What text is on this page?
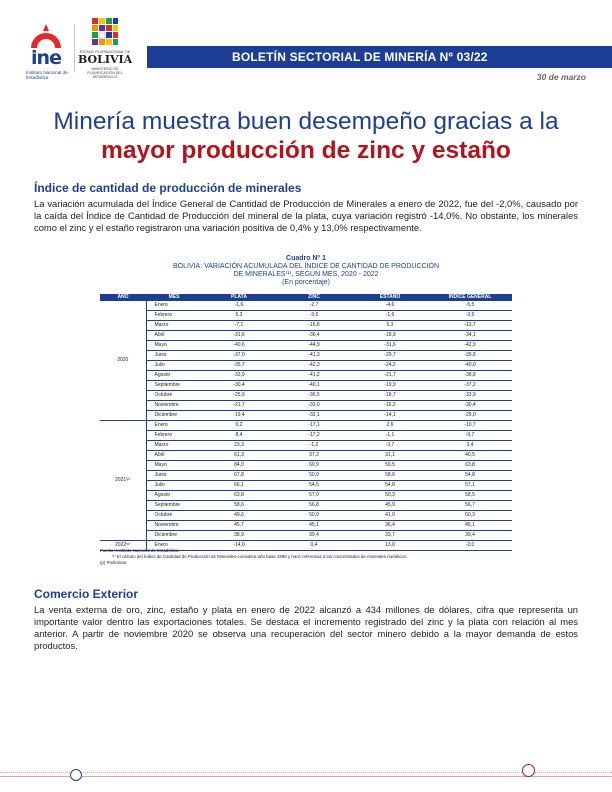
ine
Instituto Nacional de Estadística
ESTADO PLURINACIONAL DE
BOLIVIA
MINISTERIO DE PLANIFICACIÓN DEL DESARROLLO
BOLETÍN SECTORIAL DE MINERÍA Nº 03/22
30 de marzo
Minería muestra buen desempeño gracias a la
mayor producción de zinc y estaño
Índice de cantidad de producción de minerales
La variación acumulada del Índice General de Cantidad de Producción de Minerales a enero de 2022, fue del -2,0%, causado por la caída del Índice de Cantidad de Producción del mineral de la plata, cuya variación registró -14,0%. No obstante, los minerales como el zinc y el estaño registraron una variación positiva de 0,4% y 13,0% respectivamente.
Cuadro Nº 1
BOLIVIA: VARIACIÓN ACUMULADA DEL ÍNDICE DE CANTIDAD DE PRODUCCIÓN
DE MINERALES⁽¹⁾, SEGÚN MES, 2020 - 2022
(En porcentaje)
AÑO	MES	PLATA	ZINC	ESTAÑO	ÍNDICE GENERAL
2020	Enero	-1,6	-2,7	-4,6	-5,5
	Febrero	5,3	-3,6	-1,6	-3,5
	Marzo	-7,1	-16,8	5,3	-13,7
	Abril	-31,6	-36,4	-18,9	-34,1
	Mayo	-40,6	-44,9	-31,6	-42,9
	Junio	-37,0	-41,3	-29,7	-39,8
	Julio	-35,7	-42,3	-24,2	-40,0
	Agosto	-33,9	-41,2	-21,7	-38,8
	Septiembre	-30,4	-40,1	-19,9	-37,2
	Octubre	-25,9	-36,5	-18,7	-33,9
	Noviembre	-21,7	-33,0	-16,2	-30,4
	Diciembre	-19,4	-32,1	-14,1	-29,0
2021⁽ᵖ⁾	Enero	0,2	-17,1	2,6	-10,7
	Febrero	8,4	-17,2	-1,1	-9,7
	Marzo	23,3	-1,2	-3,7	3,4
	Abril	61,3	37,2	31,1	40,5
	Mayo	84,0	60,9	59,5	63,8
	Junio	67,8	50,9	58,6	54,8
	Julio	66,1	54,5	54,8	57,1
	Agosto	63,8	57,0	50,3	58,5
	Septiembre	58,6	56,8	45,9	56,7
	Octubre	49,6	50,9	41,0	50,3
	Noviembre	45,7	45,1	36,4	45,1
	Diciembre	38,9	39,4	33,7	39,4
2022⁽ᵖ⁾	Enero	-14,0	0,4	13,0	-2,0
Fuente: Instituto Nacional de Estadística
⁽¹⁾ El cálculo del Índice de Cantidad de Producción de Minerales considera año base 1990 y hace referencia a los concentrados de minerales metálicos.
(p) Preliminar
Comercio Exterior
La venta externa de oro, zinc, estaño y plata en enero de 2022 alcanzó a 434 millones de dólares, cifra que representa un importante valor dentro las exportaciones totales. Se destaca el incremento registrado del zinc y la plata con relación al mes anterior. A partir de noviembre 2020 se observa una recuperación del sector minero debido a la mayor demanda de estos productos.
